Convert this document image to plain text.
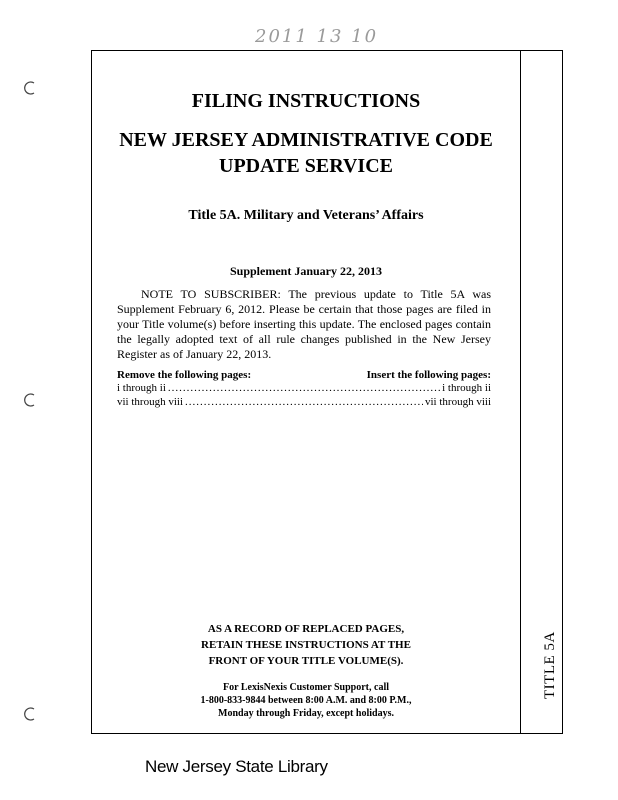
2011 13 10
TITLE 5A
FILING INSTRUCTIONS
NEW JERSEY ADMINISTRATIVE CODE
UPDATE SERVICE
Title 5A. Military and Veterans’ Affairs
Supplement January 22, 2013
NOTE TO SUBSCRIBER: The previous update to Title 5A was Supplement February 6, 2012. Please be certain that those pages are filed in your Title volume(s) before inserting this update. The enclosed pages contain the legally adopted text of all rule changes published in the New Jersey Register as of January 22, 2013.
Remove the following pages:	Insert the following pages:
i through ii .....	i through ii
vii through viii .....	vii through viii
AS A RECORD OF REPLACED PAGES,
RETAIN THESE INSTRUCTIONS AT THE
FRONT OF YOUR TITLE VOLUME(S).
For LexisNexis Customer Support, call
1-800-833-9844 between 8:00 A.M. and 8:00 P.M.,
Monday through Friday, except holidays.
New Jersey State Library
